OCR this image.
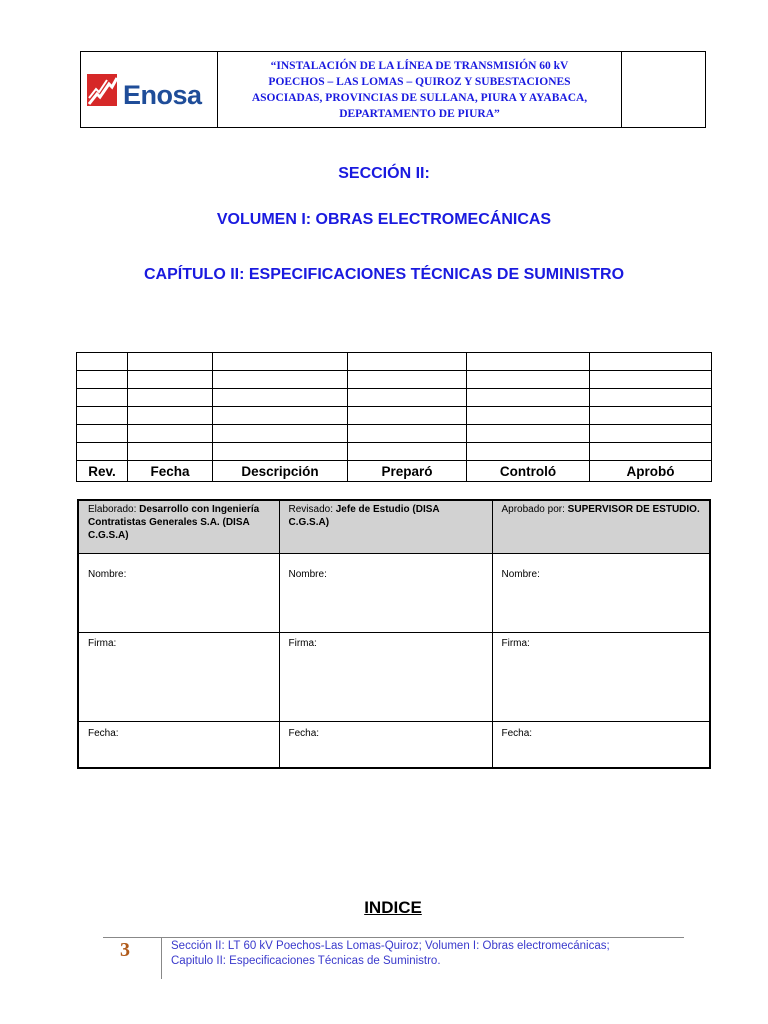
Enosa
“INSTALACIÓN DE LA LÍNEA DE TRANSMISIÓN 60 kV
POECHOS – LAS LOMAS – QUIROZ Y SUBESTACIONES
ASOCIADAS, PROVINCIAS DE SULLANA, PIURA Y AYABACA,
DEPARTAMENTO DE PIURA”
SECCIÓN II:
VOLUMEN I: OBRAS ELECTROMECÁNICAS
CAPÍTULO II: ESPECIFICACIONES TÉCNICAS DE SUMINISTRO

Rev.	Fecha	Descripción	Preparó	Controló	Aprobó
Elaborado: Desarrollo con Ingeniería Contratistas Generales S.A. (DISA C.G.S.A)	Revisado: Jefe de Estudio (DISA C.G.S.A)	Aprobado por: SUPERVISOR DE ESTUDIO.
Nombre:	Nombre:	Nombre:
Firma:	Firma:	Firma:
Fecha:	Fecha:	Fecha:
INDICE
3	Sección II: LT 60 kV Poechos-Las Lomas-Quiroz; Volumen I: Obras electromecánicas;
Capitulo II: Especificaciones Técnicas de Suministro.
